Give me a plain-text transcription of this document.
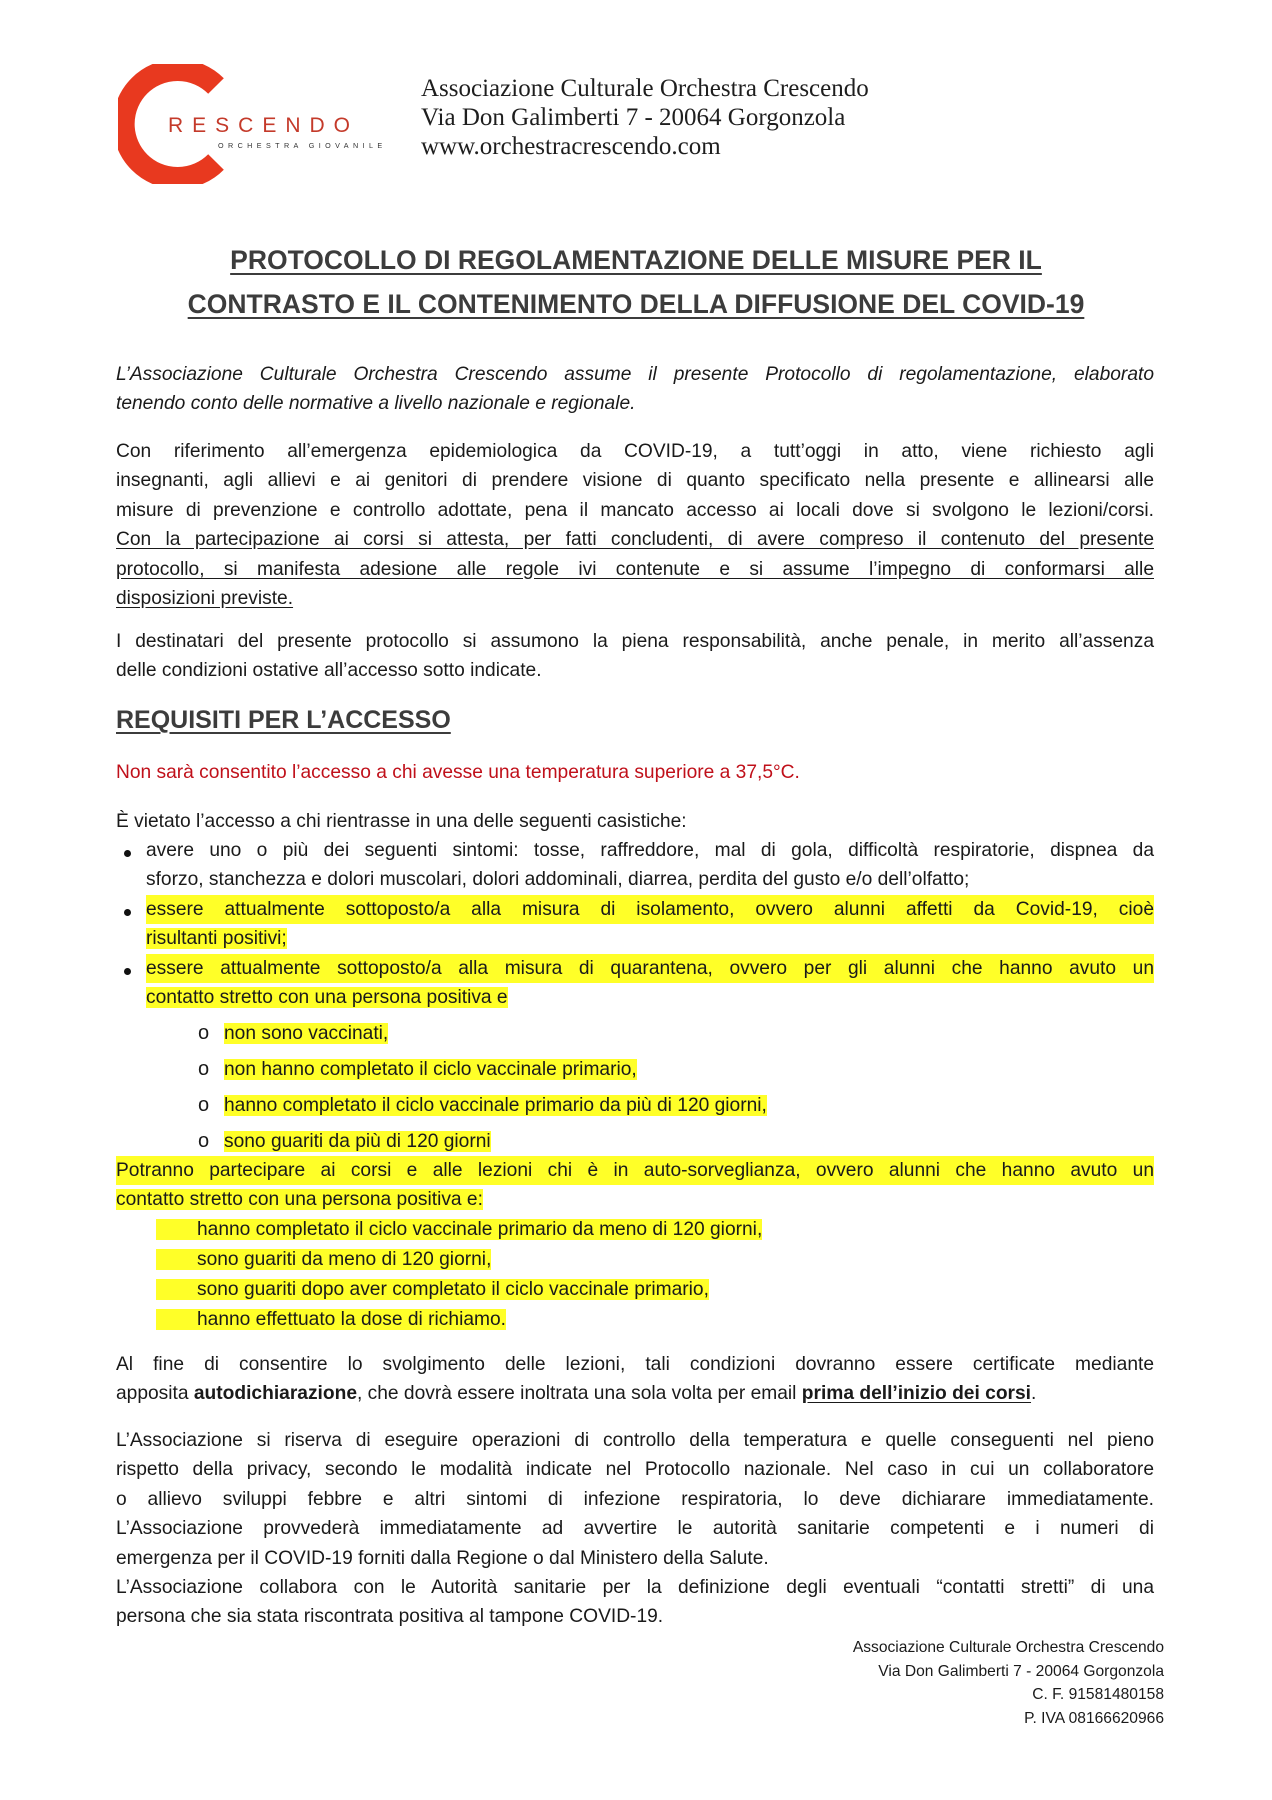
RESCENDO
ORCHESTRA GIOVANILE
Associazione Culturale Orchestra Crescendo
Via Don Galimberti 7 - 20064 Gorgonzola
www.orchestracrescendo.com
PROTOCOLLO DI REGOLAMENTAZIONE DELLE MISURE PER IL
CONTRASTO E IL CONTENIMENTO DELLA DIFFUSIONE DEL COVID-19
L’Associazione Culturale Orchestra Crescendo assume il presente Protocollo di regolamentazione, elaborato
tenendo conto delle normative a livello nazionale e regionale.
Con riferimento all’emergenza epidemiologica da COVID-19, a tutt’oggi in atto, viene richiesto agli
insegnanti, agli allievi e ai genitori di prendere visione di quanto specificato nella presente e allinearsi alle
misure di prevenzione e controllo adottate, pena il mancato accesso ai locali dove si svolgono le lezioni/corsi.
Con la partecipazione ai corsi si attesta, per fatti concludenti, di avere compreso il contenuto del presente
protocollo, si manifesta adesione alle regole ivi contenute e si assume l’impegno di conformarsi alle
disposizioni previste.
I destinatari del presente protocollo si assumono la piena responsabilità, anche penale, in merito all’assenza
delle condizioni ostative all’accesso sotto indicate.
REQUISITI PER L’ACCESSO
Non sarà consentito l’accesso a chi avesse una temperatura superiore a 37,5°C.
È vietato l’accesso a chi rientrasse in una delle seguenti casistiche:
avere uno o più dei seguenti sintomi: tosse, raffreddore, mal di gola, difficoltà respiratorie, dispnea da
sforzo, stanchezza e dolori muscolari, dolori addominali, diarrea, perdita del gusto e/o dell’olfatto;
essere attualmente sottoposto/a alla misura di isolamento, ovvero alunni affetti da Covid-19, cioè
risultanti positivi;
essere attualmente sottoposto/a alla misura di quarantena, ovvero per gli alunni che hanno avuto un
contatto stretto con una persona positiva e
o non sono vaccinati,
o non hanno completato il ciclo vaccinale primario,
o hanno completato il ciclo vaccinale primario da più di 120 giorni,
o sono guariti da più di 120 giorni
Potranno partecipare ai corsi e alle lezioni chi è in auto-sorveglianza, ovvero alunni che hanno avuto un
contatto stretto con una persona positiva e:
hanno completato il ciclo vaccinale primario da meno di 120 giorni,
sono guariti da meno di 120 giorni,
sono guariti dopo aver completato il ciclo vaccinale primario,
hanno effettuato la dose di richiamo.
Al fine di consentire lo svolgimento delle lezioni, tali condizioni dovranno essere certificate mediante
apposita autodichiarazione, che dovrà essere inoltrata una sola volta per email prima dell’inizio dei corsi.
L’Associazione si riserva di eseguire operazioni di controllo della temperatura e quelle conseguenti nel pieno
rispetto della privacy, secondo le modalità indicate nel Protocollo nazionale. Nel caso in cui un collaboratore
o allievo sviluppi febbre e altri sintomi di infezione respiratoria, lo deve dichiarare immediatamente.
L’Associazione provvederà immediatamente ad avvertire le autorità sanitarie competenti e i numeri di
emergenza per il COVID-19 forniti dalla Regione o dal Ministero della Salute.
L’Associazione collabora con le Autorità sanitarie per la definizione degli eventuali “contatti stretti” di una
persona che sia stata riscontrata positiva al tampone COVID-19.
Associazione Culturale Orchestra Crescendo
Via Don Galimberti 7 - 20064 Gorgonzola
C. F. 91581480158
P. IVA 08166620966
